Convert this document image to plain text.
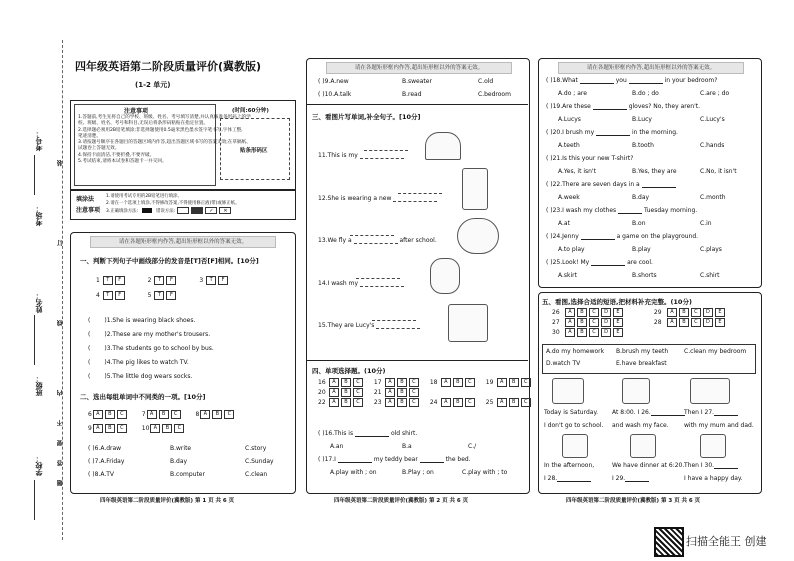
考号：
考场：
姓名：
班级：
学校：
装
订
线
内
不
要
答
题
四年级英语第二阶段质量评价(冀教版)
(1-2 单元)
注意事项
1.答题前,考生先将自己的学校、班级、姓名、考号填写清楚,并认真核准条形码上的学
校、班级、姓名、考号和科目,无误后将条形码粘贴在指定位置。
2.选择题必须用2B铅笔填涂;非选择题使用0.5毫米黑色墨水签字笔书写,字体工整,
笔迹清楚。
3.请按题号顺序在各题目的答题区域内作答,超出答题区域书写的答案无效;在草稿纸、
试题卷上答题无效。
4.保持卡面清洁,不要折叠,不要弄破。
5.考试结束,请将本试卷和答题卡一并交回。
(时间:60分钟)
贴条形码区
填涂法
注意事项
1.请使用考试专用的2B铅笔进行填涂。
2.请在一个选项上填涂,不得修改答案,不得使用修正液(带)或修正纸。
3.正确填涂方法:	错误方法:	✓ ✕
请在各题矩形框内作答,超出矩形框以外的答案无效。
一、判断下列句子中画线部分的发音是[T]否[F]相同。[10分]
1 T F	2 T F	3 T F

4 T F	5 T F
( )1.She is wearing black shoes.
( )2.These are my mother's trousers.
( )3.The students go to school by bus.
( )4.The pig likes to watch TV.
( )5.The little dog wears socks.
二、选出每组单词中不同类的一项。[10分]
6 A B C	7 A B C	8 A B C
9 A B C	10 A B C
( )6.A.draw	B.write	C.story
( )7.A.Friday	B.day	C.Sunday
( )8.A.TV	B.computer	C.clean
四年级英语第二阶段质量评价(冀教版) 第 1 页 共 6 页
请在各题矩形框内作答,超出矩形框以外的答案无效。
( )9.A.new	B.sweater	C.old
( )10.A.talk	B.read	C.bedroom
三、看图片写单词,补全句子。[10分]
11.This is my
12.She is wearing a new
13.We fly a	after school.
14.I wash my
15.They are Lucy's
四、单项选择题。(10分)
16 A B C 17 A B C 18 A B C 19 A B C
20 A B C 21 A B C
22 A B C 23 A B C 24 A B C 25 A B C
( )16.This is	old shirt.
A.an	B.a	C./
( )17.I	my teddy bear	the bed.
A.play with ; on	B.Play ; on	C.play with ; to
四年级英语第二阶段质量评价(冀教版) 第 2 页 共 6 页
请在各题矩形框内作答,超出矩形框以外的答案无效。
( )18.What	you	in your bedroom?
A.do ; are	B.do ; do	C.are ; do
( )19.Are these	gloves? No, they aren't.
A.Lucys	B.Lucy	C.Lucy's
( )20.I brush my	in the morning.
A.teeth	B.tooth	C.hands
( )21.Is this your new T-shirt?
A.Yes, it isn't	B.Yes, they are	C.No, it isn't
( )22.There are seven days in a
A.week	B.day	C.month
( )23.I wash my clothes	Tuesday morning.
A.at	B.on	C.in
( )24.Jenny	a game on the playground.
A.to play	B.play	C.plays
( )25.Look! My	are cool.
A.skirt	B.shorts	C.shirt
五、看图,选择合适的短语,把材料补充完整。(10分)
26 A B C D E	29 A B C D E
27 A B C D E	28 A B C D E
30 A B C D E
A.do my homework B.brush my teeth	C.clean my bedroom
D.watch TV	E.have breakfast
Today is Saturday. At 8:00. I 26.	Then I 27.
I don't go to school. and wash my face.	with my mum and dad.
In the afternoon,	We have dinner at 6:20. Then I 30.
I 28.	I 29.	I have a happy day.
四年级英语第二阶段质量评价(冀教版) 第 3 页 共 6 页
扫描全能王 创建
